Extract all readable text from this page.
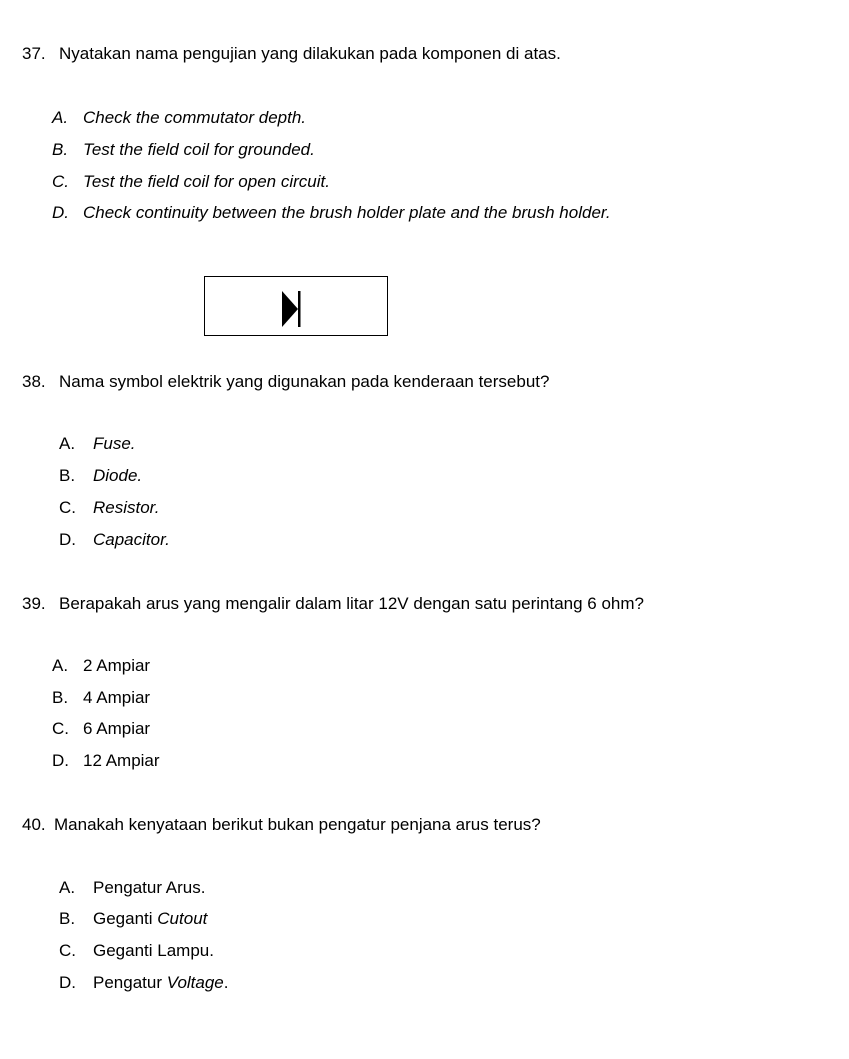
37. Nyatakan nama pengujian yang dilakukan pada komponen di atas.
A. Check the commutator depth.
B. Test the field coil for grounded.
C. Test the field coil for open circuit.
D. Check continuity between the brush holder plate and the brush holder.
38. Nama symbol elektrik yang digunakan pada kenderaan tersebut?
A. Fuse.
B. Diode.
C. Resistor.
D. Capacitor.
39. Berapakah arus yang mengalir dalam litar 12V dengan satu perintang 6 ohm?
A. 2 Ampiar
B. 4 Ampiar
C. 6 Ampiar
D. 12 Ampiar
40. Manakah kenyataan berikut bukan pengatur penjana arus terus?
A. Pengatur Arus.
B. Geganti Cutout
C. Geganti Lampu.
D. Pengatur Voltage.
